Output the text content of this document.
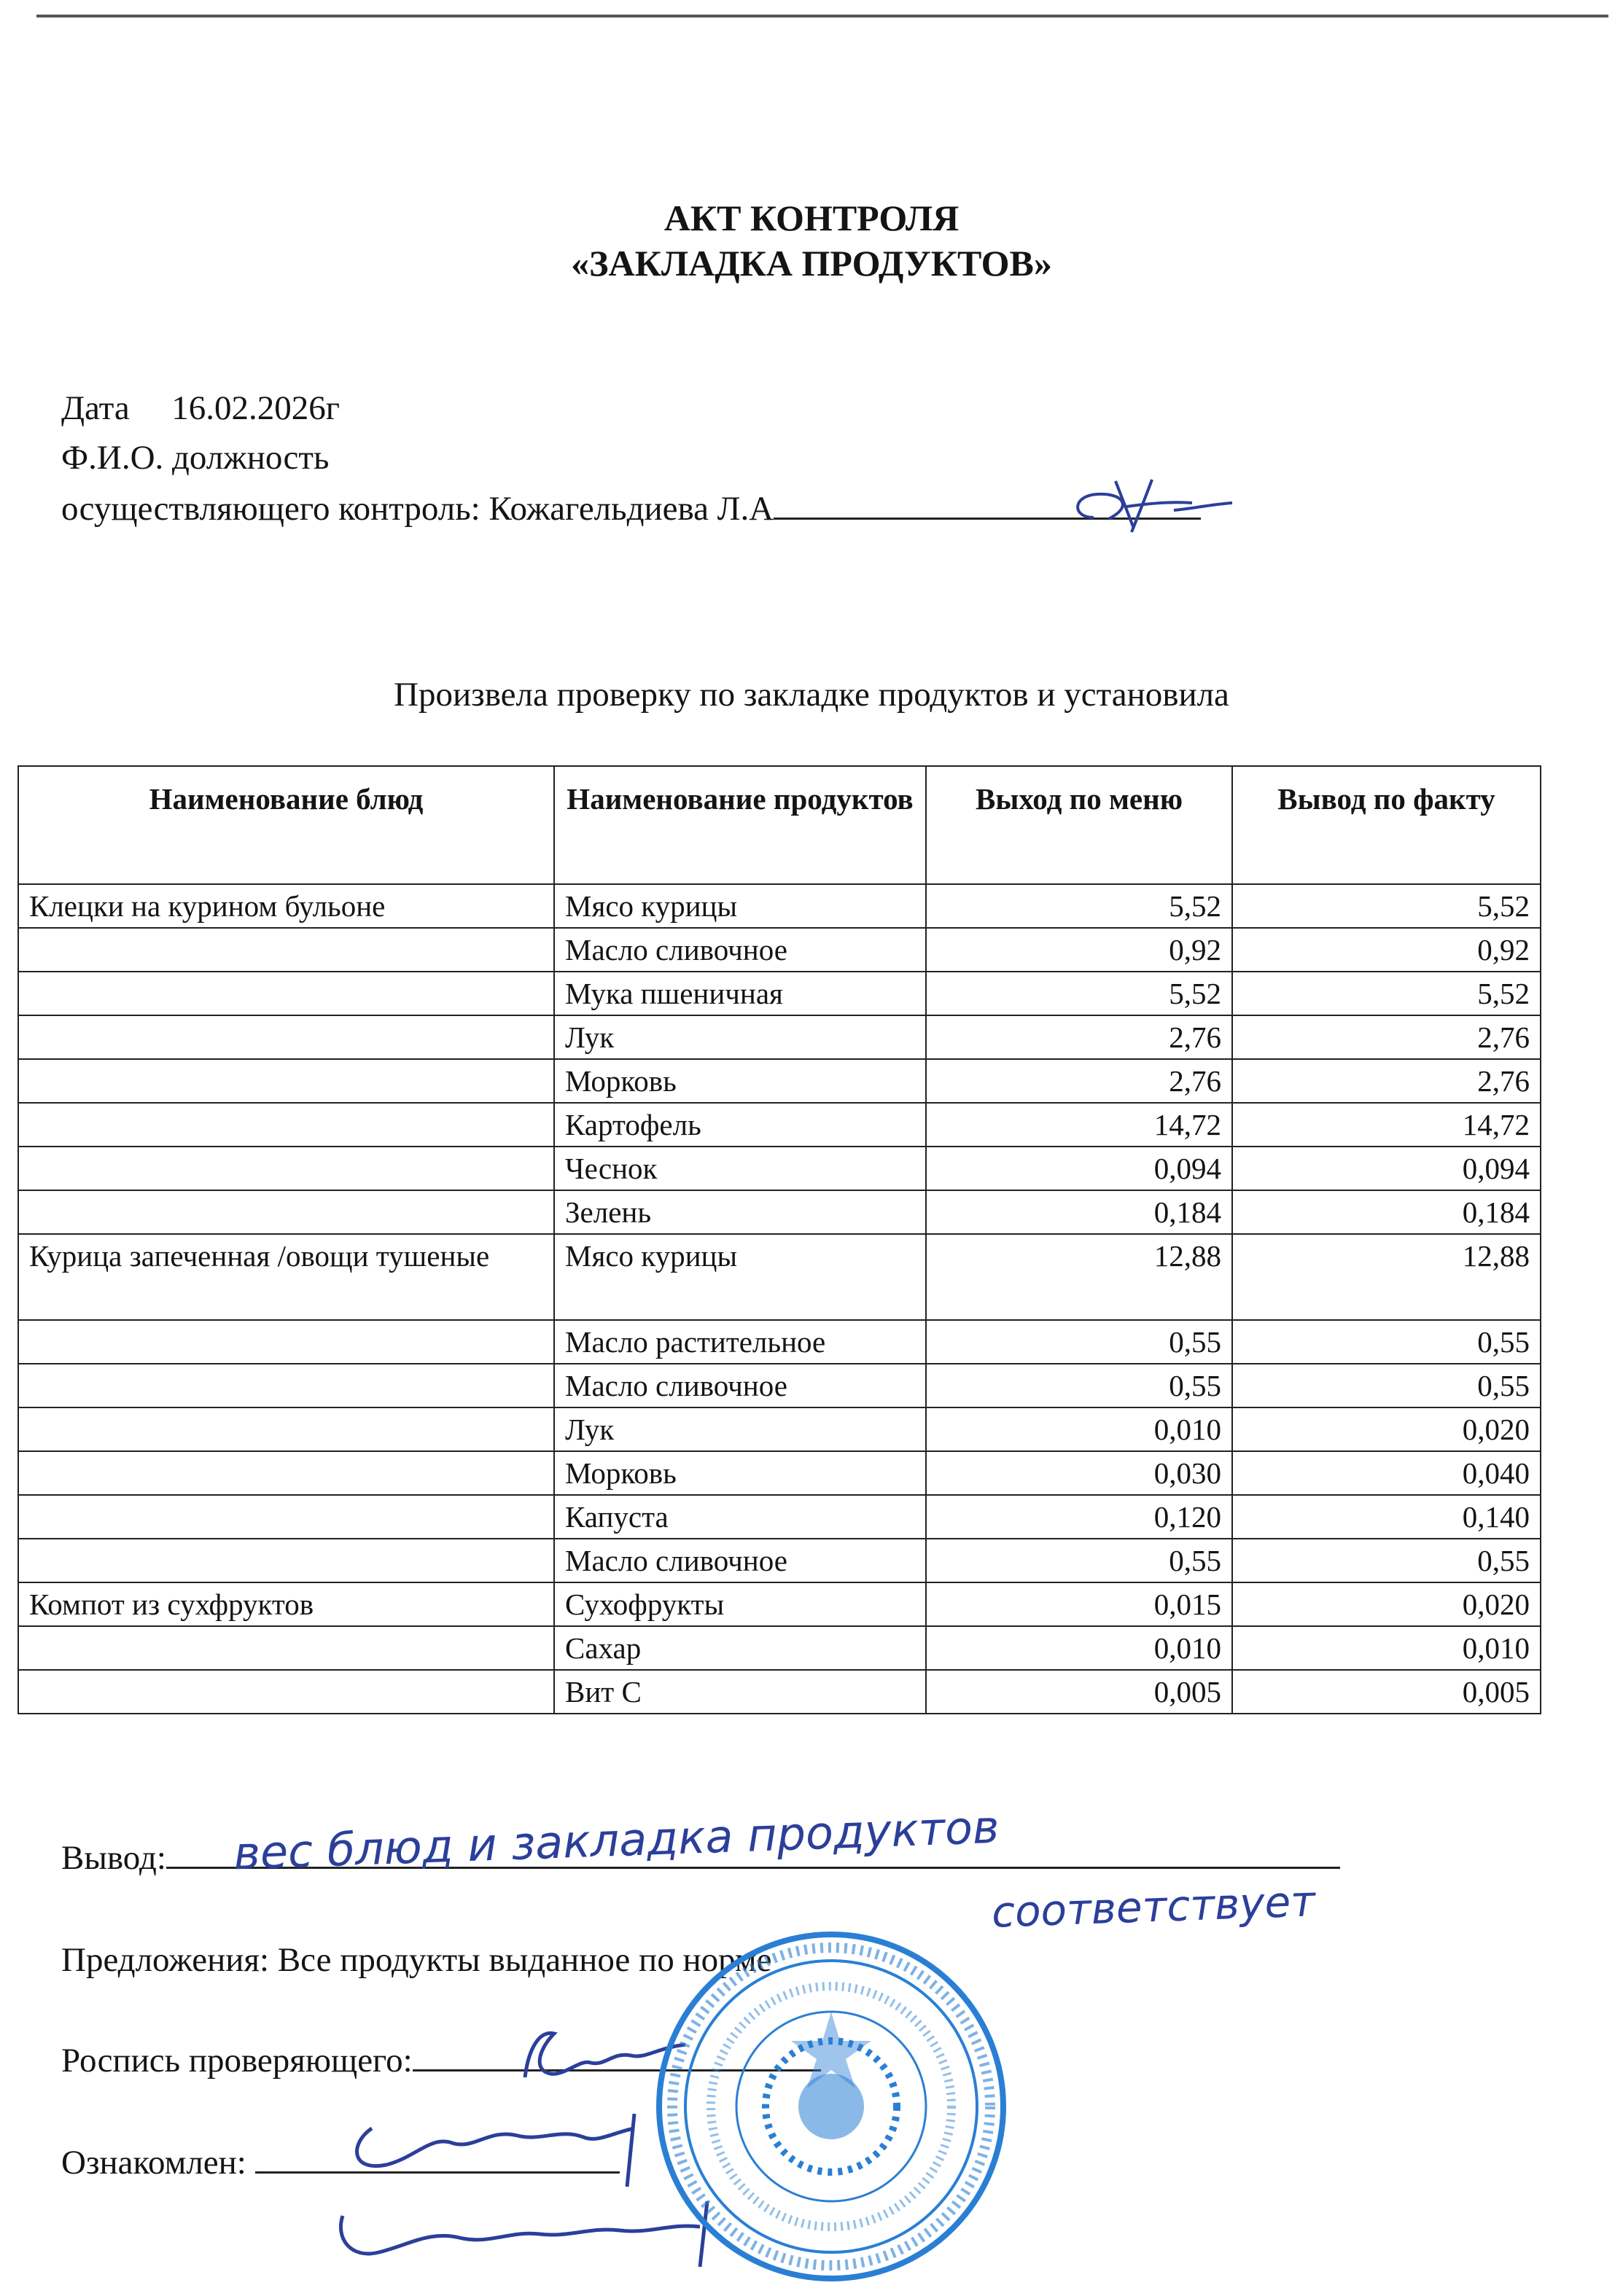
АКТ КОНТРОЛЯ
«ЗАКЛАДКА ПРОДУКТОВ»
Дата 16.02.2026г
Ф.И.О. должность
осуществляющего контроль: Кожагельдиева Л.А
Произвела проверку по закладке продуктов и установила
Наименование блюд	Наименование продуктов	Выход по меню	Вывод по факту
Клецки на курином бульоне	Мясо курицы	5,52	5,52
	Масло сливочное	0,92	0,92
	Мука пшеничная	5,52	5,52
	Лук	2,76	2,76
	Морковь	2,76	2,76
	Картофель	14,72	14,72
	Чеснок	0,094	0,094
	Зелень	0,184	0,184
Курица запеченная /овощи тушеные	Мясо курицы	12,88	12,88
	Масло растительное	0,55	0,55
	Масло сливочное	0,55	0,55
	Лук	0,010	0,020
	Морковь	0,030	0,040
	Капуста	0,120	0,140
	Масло сливочное	0,55	0,55
Компот из сухфруктов	Сухофрукты	0,015	0,020
	Сахар	0,010	0,010
	Вит С	0,005	0,005
Вывод:	вес блюд и закладка продуктов
соответствует
Предложения: Все продукты выданное по норме
Роспись проверяющего:
Ознакомлен:
